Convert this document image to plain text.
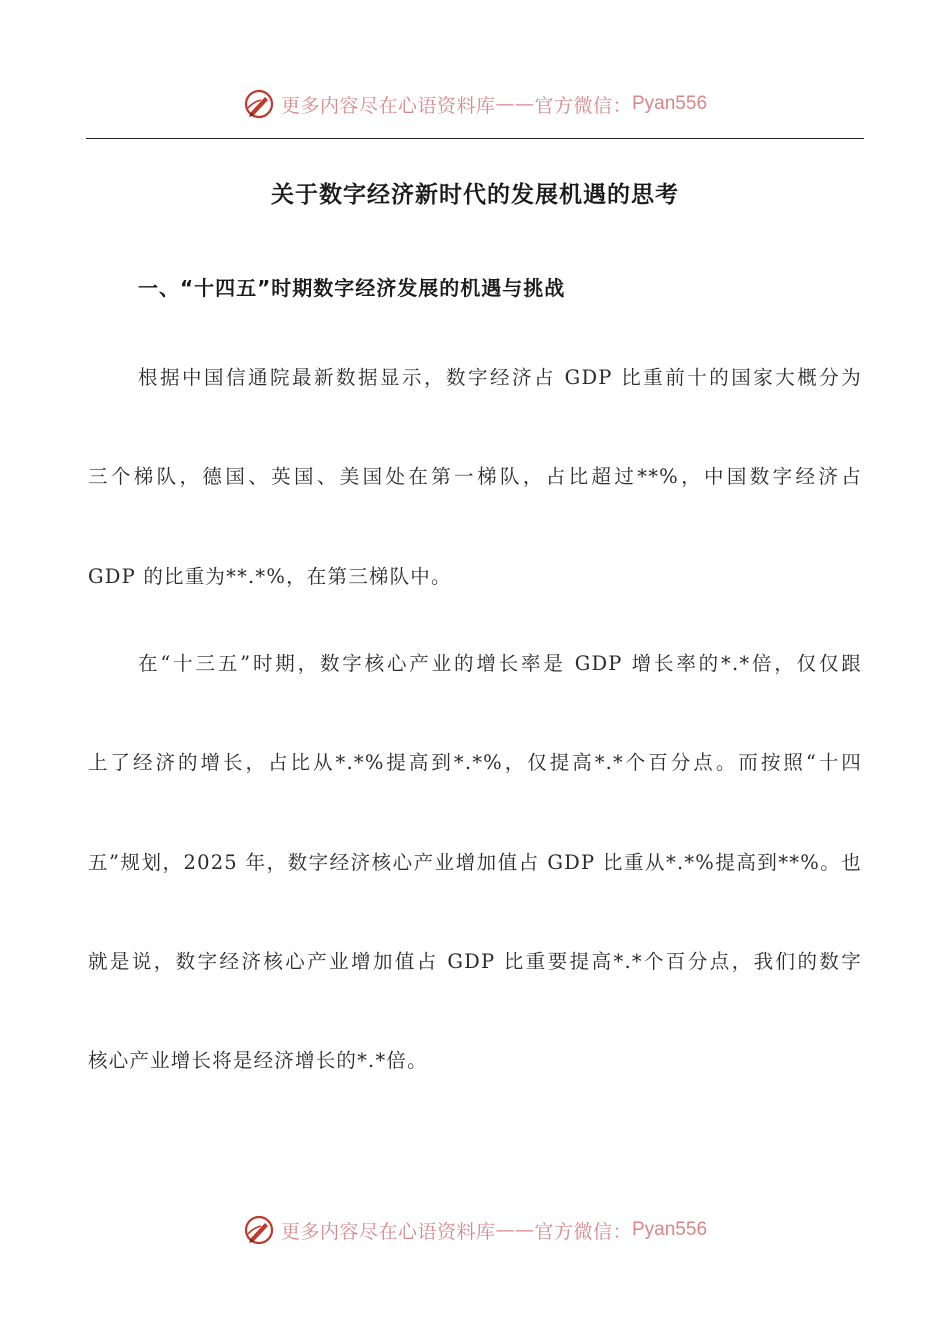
更多内容尽在心语资料库 —— 官方微信： Pyan556
关于数字经济新时代的发展机遇的思考
一、“十四五”时期数字经济发展的机遇与挑战
根据中国信通院最新数据显示，数字经济占 GDP 比重前十的国家大概分为
三个梯队，德国、英国、美国处在第一梯队，占比超过**%，中国数字经济占
GDP 的比重为**.*%，在第三梯队中。
在“十三五”时期，数字核心产业的增长率是 GDP 增长率的*.*倍，仅仅跟
上了经济的增长，占比从*.*%提高到*.*%，仅提高*.*个百分点。而按照“十四
五”规划，2025 年，数字经济核心产业增加值占 GDP 比重从*.*%提高到**%。也
就是说，数字经济核心产业增加值占 GDP 比重要提高*.*个百分点，我们的数字
核心产业增长将是经济增长的*.*倍。
更多内容尽在心语资料库 —— 官方微信： Pyan556
